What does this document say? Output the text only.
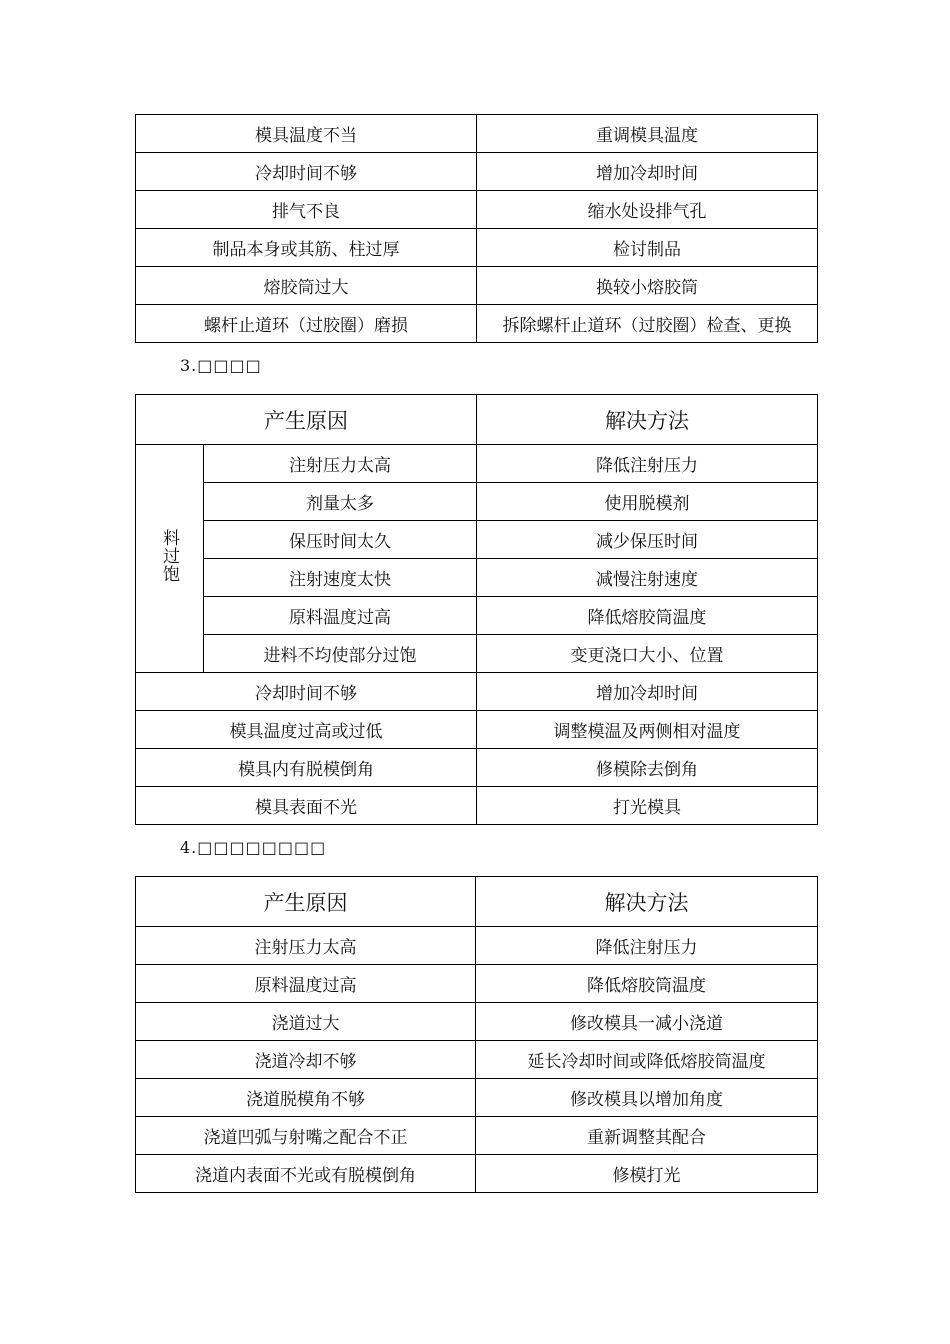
模具温度不当	重调模具温度
冷却时间不够	增加冷却时间
排气不良	缩水处设排气孔
制品本身或其筋、柱过厚	检讨制品
熔胶筒过大	换较小熔胶筒
螺杆止道环（过胶圈）磨损	拆除螺杆止道环（过胶圈）检查、更换
3.□□□□
产生原因		解决方法
料过饱	注射压力太高	降低注射压力
	剂量太多	使用脱模剂
	保压时间太久	减少保压时间
	注射速度太快	减慢注射速度
	原料温度过高	降低熔胶筒温度
	进料不均使部分过饱	变更浇口大小、位置
冷却时间不够		增加冷却时间
模具温度过高或过低		调整模温及两侧相对温度
模具内有脱模倒角		修模除去倒角
模具表面不光		打光模具
4.□□□□□□□□
产生原因	解决方法
注射压力太高	降低注射压力
原料温度过高	降低熔胶筒温度
浇道过大	修改模具一减小浇道
浇道冷却不够	延长冷却时间或降低熔胶筒温度
浇道脱模角不够	修改模具以增加角度
浇道凹弧与射嘴之配合不正	重新调整其配合
浇道内表面不光或有脱模倒角	修模打光
